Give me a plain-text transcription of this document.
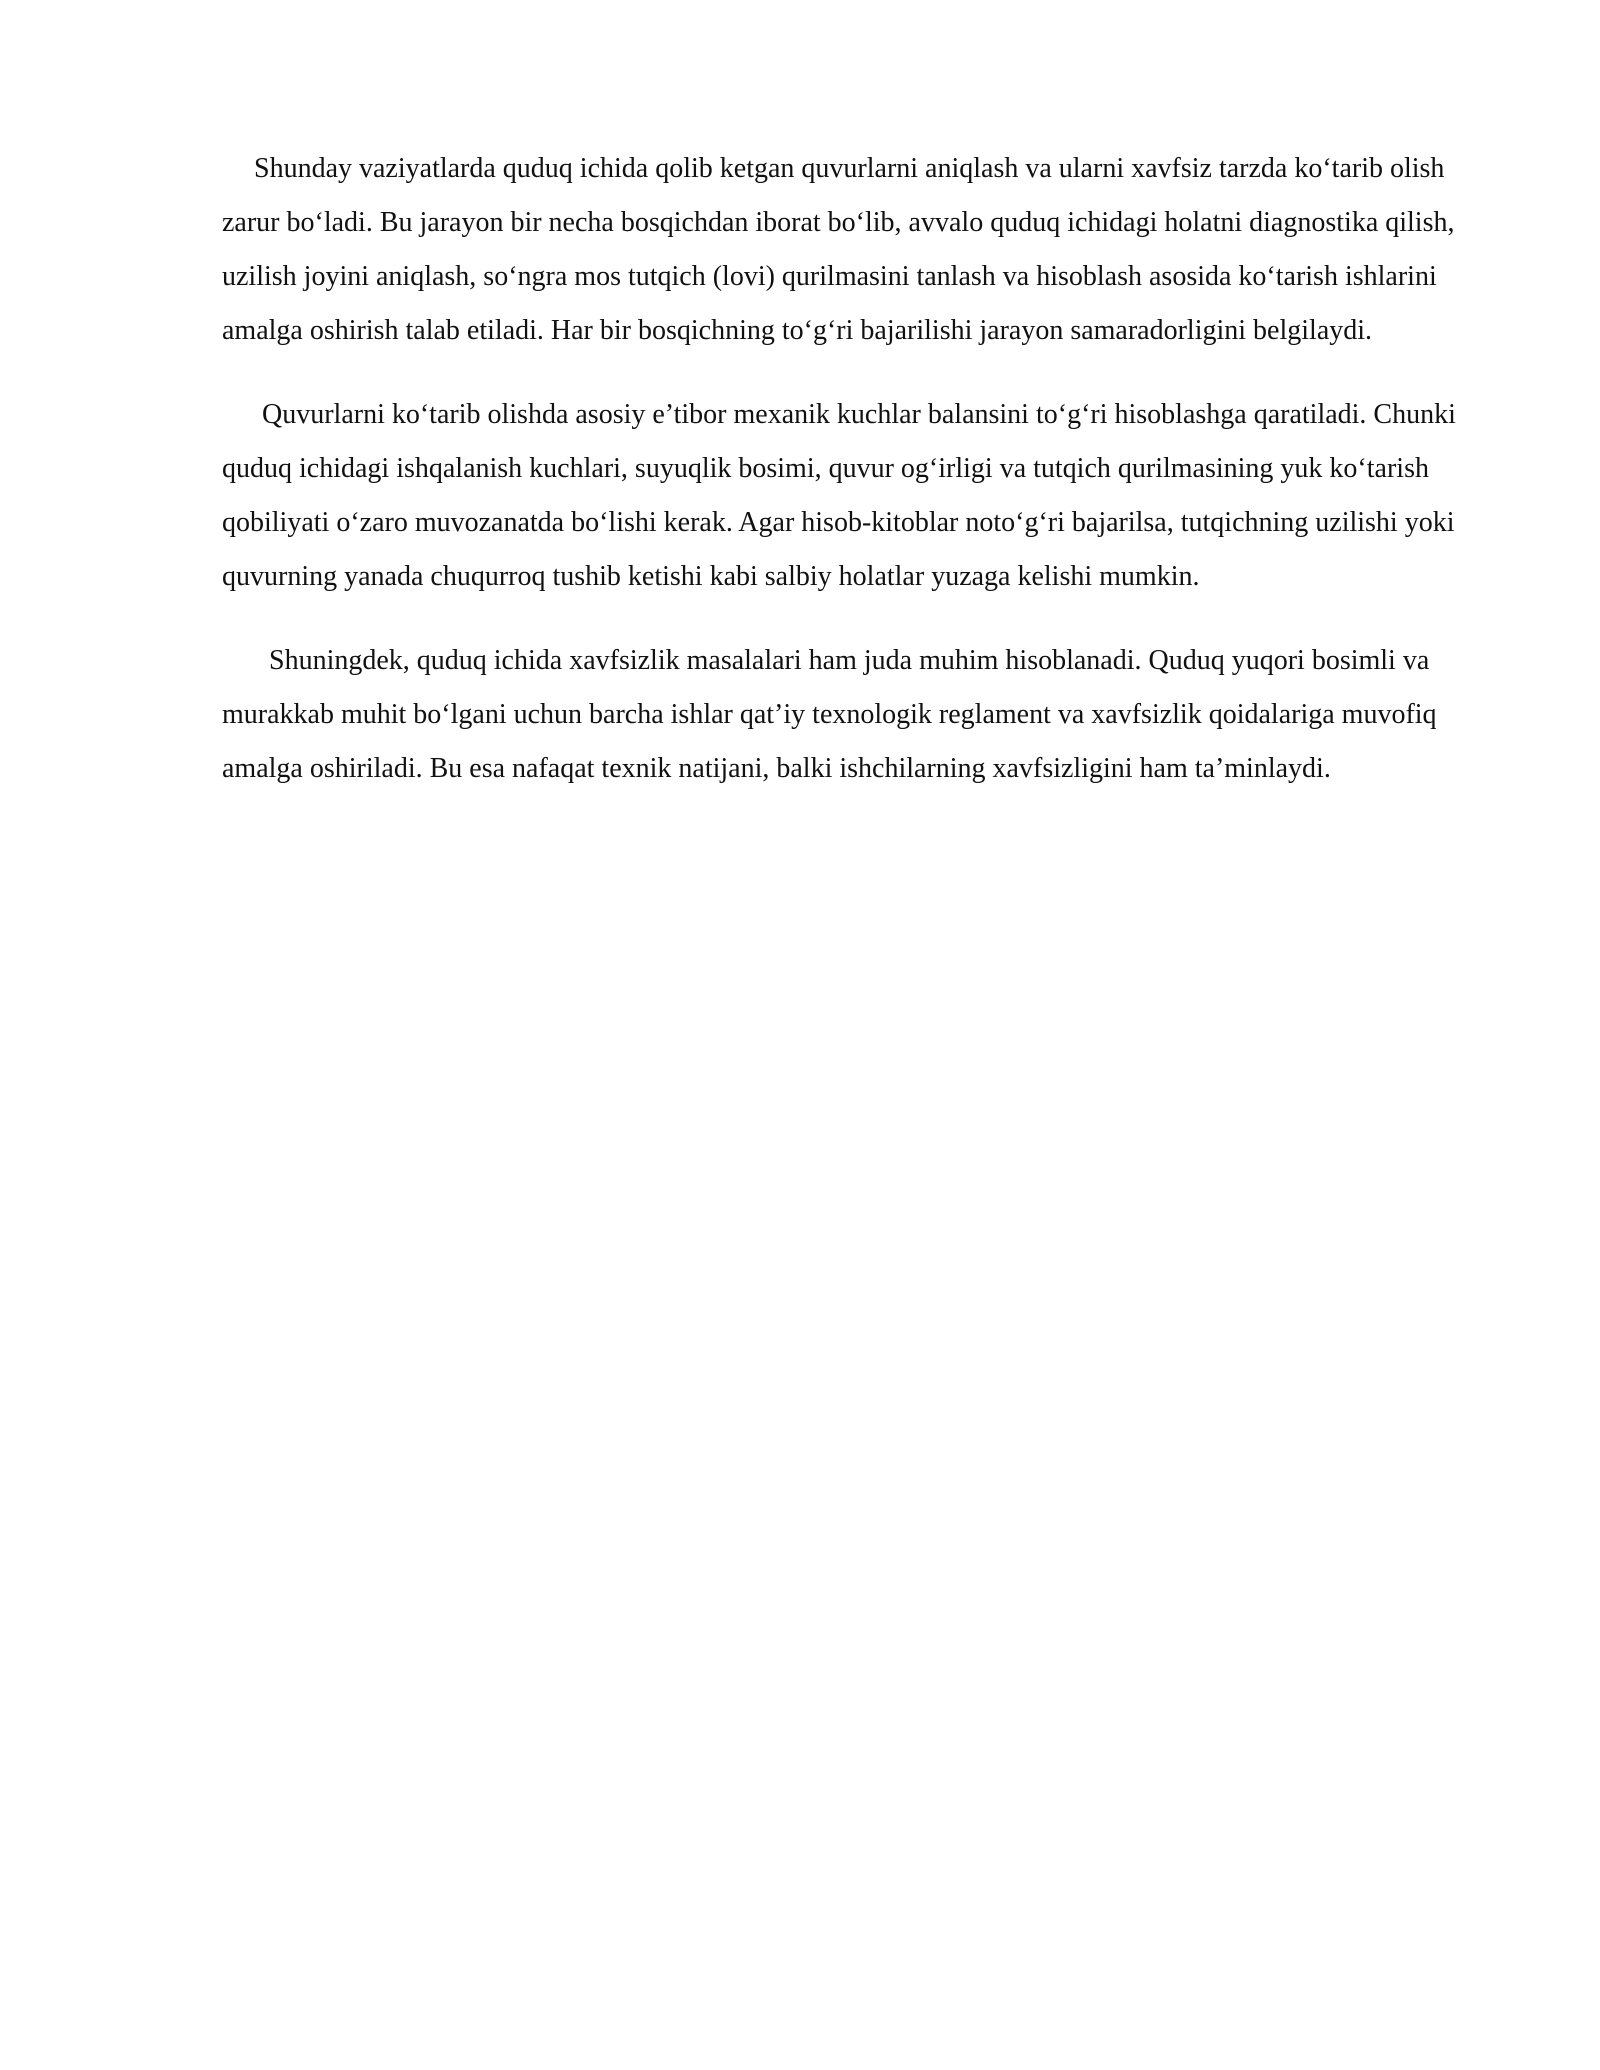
Shunday vaziyatlarda quduq ichida qolib ketgan quvurlarni aniqlash va ularni xavfsiz tarzda ko‘tarib olish zarur bo‘ladi. Bu jarayon bir necha bosqichdan iborat bo‘lib, avvalo quduq ichidagi holatni diagnostika qilish, uzilish joyini aniqlash, so‘ngra mos tutqich (lovi) qurilmasini tanlash va hisoblash asosida ko‘tarish ishlarini amalga oshirish talab etiladi. Har bir bosqichning to‘g‘ri bajarilishi jarayon samaradorligini belgilaydi.

Quvurlarni ko‘tarib olishda asosiy e’tibor mexanik kuchlar balansini to‘g‘ri hisoblashga qaratiladi. Chunki quduq ichidagi ishqalanish kuchlari, suyuqlik bosimi, quvur og‘irligi va tutqich qurilmasining yuk ko‘tarish qobiliyati o‘zaro muvozanatda bo‘lishi kerak. Agar hisob-kitoblar noto‘g‘ri bajarilsa, tutqichning uzilishi yoki quvurning yanada chuqurroq tushib ketishi kabi salbiy holatlar yuzaga kelishi mumkin.

Shuningdek, quduq ichida xavfsizlik masalalari ham juda muhim hisoblanadi. Quduq yuqori bosimli va murakkab muhit bo‘lgani uchun barcha ishlar qat’iy texnologik reglament va xavfsizlik qoidalariga muvofiq amalga oshiriladi. Bu esa nafaqat texnik natijani, balki ishchilarning xavfsizligini ham ta’minlaydi.
